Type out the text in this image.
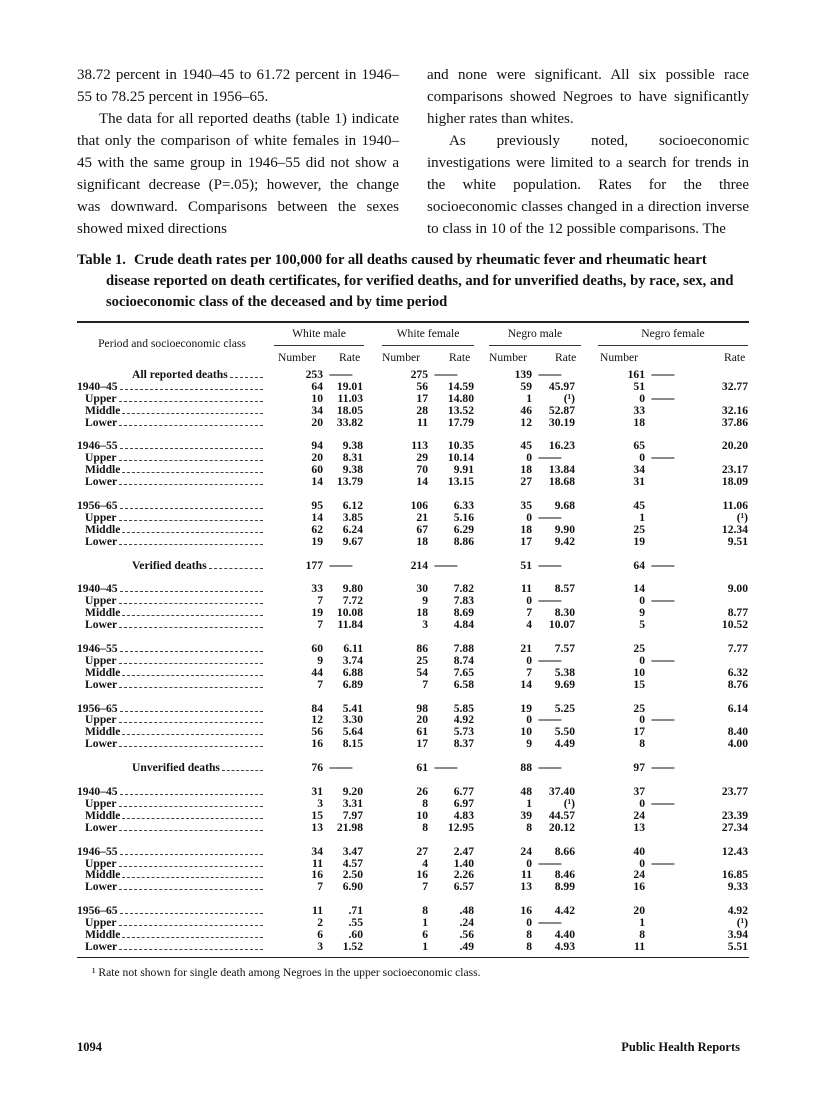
38.72 percent in 1940–45 to 61.72 percent in 1946–55 to 78.25 percent in 1956–65.

The data for all reported deaths (table 1) indicate that only the comparison of white females in 1940–45 with the same group in 1946–55 did not show a significant decrease (P=.05); however, the change was downward. Comparisons between the sexes showed mixed directions

and none were significant. All six possible race comparisons showed Negroes to have significantly higher rates than whites.

As previously noted, socioeconomic investigations were limited to a search for trends in the white population. Rates for the three socioeconomic classes changed in a direction inverse to class in 10 of the 12 possible comparisons. The

Table 1. Crude death rates per 100,000 for all deaths caused by rheumatic fever and rheumatic heart disease reported on death certificates, for verified deaths, and for unverified deaths, by race, sex, and socioeconomic class of the deceased and by time period
Period and socioeconomic class
White male	White female	Negro male	Negro female
Number Rate Number	Rate Number Rate Number	Rate
All reported deaths	253 --------	275 --------	139 --------	161 --------
1940–45	64	19.01	56	14.59	59	45.97	51	32.77
Upper	10	11.03	17	14.80	1	(¹)	0 --------
Middle	34	18.05	28	13.52	46	52.87	33	32.16
Lower	20	33.82	11	17.79	12	30.19	18	37.86
1946–55	94	9.38	113	10.35	45	16.23	65	20.20
Upper	20	8.31	29	10.14	0 --------	0 --------
Middle	60	9.38	70	9.91	18	13.84	34	23.17
Lower	14	13.79	14	13.15	27	18.68	31	18.09
1956–65	95	6.12	106	6.33	35	9.68	45	11.06
Upper	14	3.85	21	5.16	0 --------	1	(¹)
Middle	62	6.24	67	6.29	18	9.90	25	12.34
Lower	19	9.67	18	8.86	17	9.42	19	9.51
Verified deaths	177 --------	214 --------	51 --------	64 --------
1940–45	33	9.80	30	7.82	11	8.57	14	9.00
Upper	7	7.72	9	7.83	0 --------	0 --------
Middle	19	10.08	18	8.69	7	8.30	9	8.77
Lower	7	11.84	3	4.84	4	10.07	5	10.52
1946–55	60	6.11	86	7.88	21	7.57	25	7.77
Upper	9	3.74	25	8.74	0 --------	0 --------
Middle	44	6.88	54	7.65	7	5.38	10	6.32
Lower	7	6.89	7	6.58	14	9.69	15	8.76
1956–65	84	5.41	98	5.85	19	5.25	25	6.14
Upper	12	3.30	20	4.92	0 --------	0 --------
Middle	56	5.64	61	5.73	10	5.50	17	8.40
Lower	16	8.15	17	8.37	9	4.49	8	4.00
Unverified deaths	76 --------	61 --------	88 --------	97 --------
1940–45	31	9.20	26	6.77	48	37.40	37	23.77
Upper	3	3.31	8	6.97	1	(¹)	0 --------
Middle	15	7.97	10	4.83	39	44.57	24	23.39
Lower	13	21.98	8	12.95	8	20.12	13	27.34
1946–55	34	3.47	27	2.47	24	8.66	40	12.43
Upper	11	4.57	4	1.40	0 --------	0 --------
Middle	16	2.50	16	2.26	11	8.46	24	16.85
Lower	7	6.90	7	6.57	13	8.99	16	9.33
1956–65	11	.71	8	.48	16	4.42	20	4.92
Upper	2	.55	1	.24	0 --------	1	(¹)
Middle	6	.60	6	.56	8	4.40	8	3.94
Lower	3	1.52	1	.49	8	4.93	11	5.51
¹ Rate not shown for single death among Negroes in the upper socioeconomic class.
1094	Public Health Reports
